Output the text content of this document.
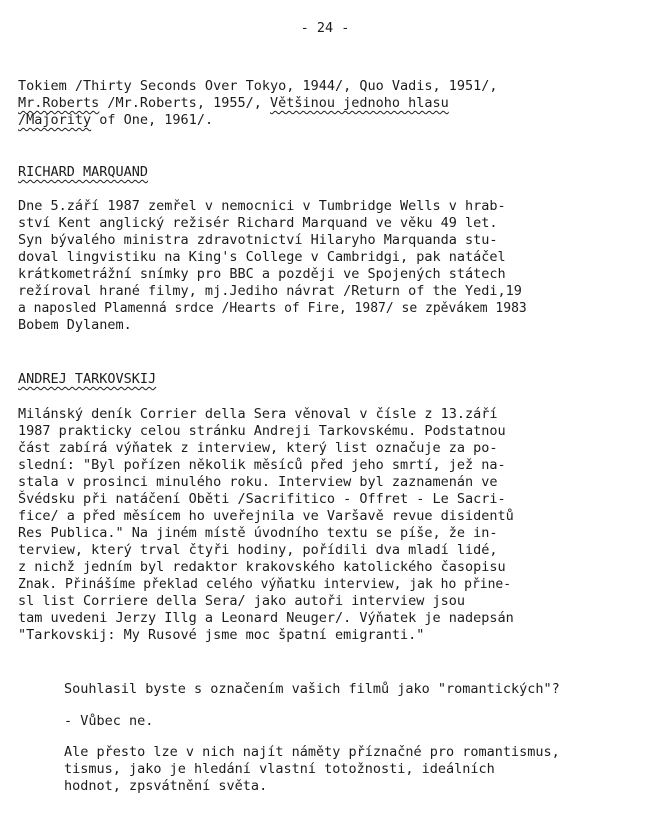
- 24 -
Tokiem /Thirty Seconds Over Tokyo, 1944/, Quo Vadis, 1951/,
Mr.Roberts /Mr.Roberts, 1955/, Většinou jednoho hlasu
/Majority of One, 1961/.
RICHARD MARQUAND
Dne 5.září 1987 zemřel v nemocnici v Tumbridge Wells v hrab-
ství Kent anglický režisér Richard Marquand ve věku 49 let.
Syn bývalého ministra zdravotnictví Hilaryho Marquanda stu-
doval lingvistiku na King's College v Cambridgi, pak natáčel
krátkometrážní snímky pro BBC a později ve Spojených státech
režíroval hrané filmy, mj.Jediho návrat /Return of the Yedi,19
a naposled Plamenná srdce /Hearts of Fire, 1987/ se zpěvákem 1983
Bobem Dylanem.
ANDREJ TARKOVSKIJ
Milánský deník Corrier della Sera věnoval v čísle z 13.září
1987 prakticky celou stránku Andreji Tarkovskému. Podstatnou
část zabírá výňatek z interview, který list označuje za po-
slední: "Byl pořízen několik měsíců před jeho smrtí, jež na-
stala v prosinci minulého roku. Interview byl zaznamenán ve
Švédsku při natáčení Oběti /Sacrifitico - Offret - Le Sacri-
fice/ a před měsícem ho uveřejnila ve Varšavě revue disidentů
Res Publica." Na jiném místě úvodního textu se píše, že in-
terview, který trval čtyři hodiny, pořídili dva mladí lidé,
z nichž jedním byl redaktor krakovského katolického časopisu
Znak. Přinášíme překlad celého výňatku interview, jak ho přine-
sl list Corriere della Sera/ jako autoři interview jsou
tam uvedeni Jerzy Illg a Leonard Neuger/. Výňatek je nadepsán
"Tarkovskij: My Rusové jsme moc špatní emigranti."
Souhlasil byste s označením vašich filmů jako "romantických"?
- Vůbec ne.
Ale přesto lze v nich najít náměty příznačné pro romantismus,
tismus, jako je hledání vlastní totožnosti, ideálních
hodnot, zpsvátnění světa.
